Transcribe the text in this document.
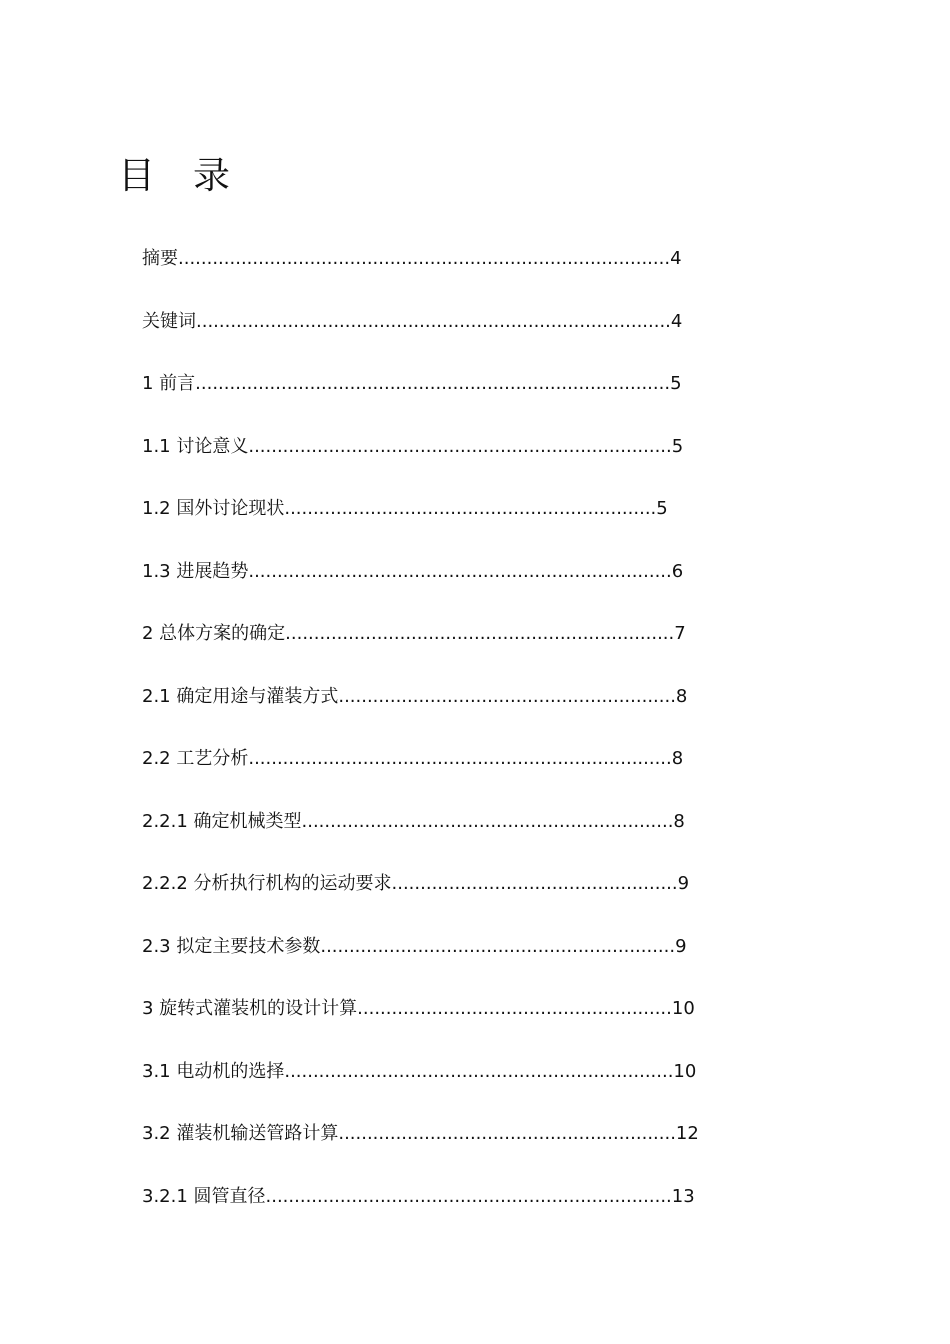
目录
摘要......................................................................................4
关键词...................................................................................4
1 前言...................................................................................5
1.1 讨论意义..........................................................................5
1.2 国外讨论现状.................................................................5
1.3 进展趋势..........................................................................6
2 总体方案的确定....................................................................7
2.1 确定用途与灌装方式...........................................................8
2.2 工艺分析..........................................................................8
2.2.1 确定机械类型.................................................................8
2.2.2 分析执行机构的运动要求..................................................9
2.3 拟定主要技术参数..............................................................9
3 旋转式灌装机的设计计算.......................................................10
3.1 电动机的选择....................................................................10
3.2 灌装机输送管路计算...........................................................12
3.2.1 圆管直径.......................................................................13
